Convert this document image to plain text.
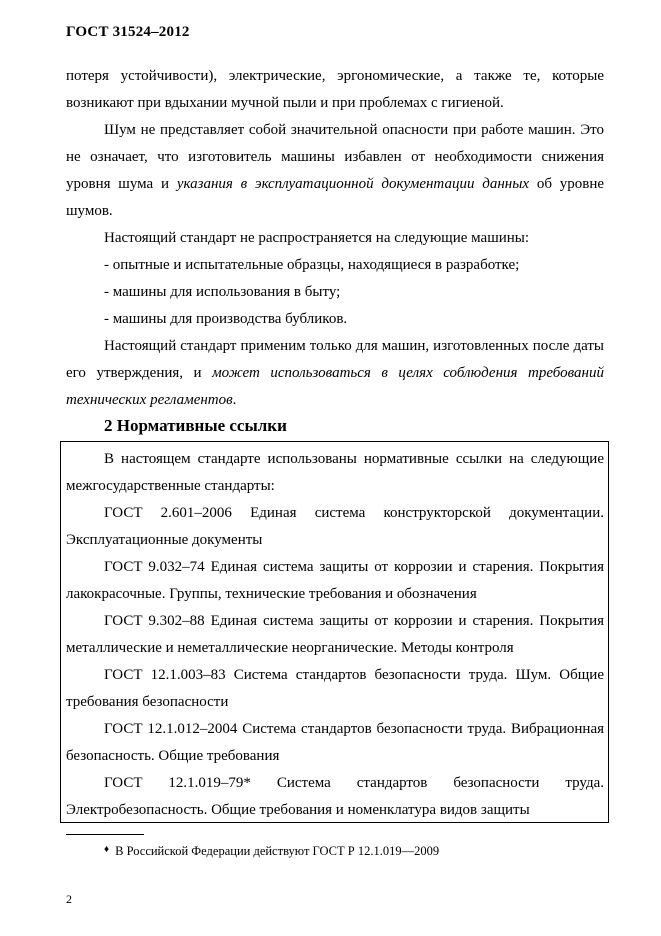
ГОСТ 31524–2012

потеря устойчивости), электрические, эргономические, а также те, которые возникают при вдыхании мучной пыли и при проблемах с гигиеной.

Шум не представляет собой значительной опасности при работе машин. Это не означает, что изготовитель машины избавлен от необходимости снижения уровня шума и указания в эксплуатационной документации данных об уровне шумов.

Настоящий стандарт не распространяется на следующие машины:

- опытные и испытательные образцы, находящиеся в разработке;

- машины для использования в быту;

- машины для производства бубликов.

Настоящий стандарт применим только для машин, изготовленных после даты его утверждения, и может использоваться в целях соблюдения требований технических регламентов.

2 Нормативные ссылки

В настоящем стандарте использованы нормативные ссылки на следующие межгосударственные стандарты:

ГОСТ 2.601–2006 Единая система конструкторской документации. Эксплуатационные документы

ГОСТ 9.032–74 Единая система защиты от коррозии и старения. Покрытия лакокрасочные. Группы, технические требования и обозначения

ГОСТ 9.302–88 Единая система защиты от коррозии и старения. Покрытия металлические и неметаллические неорганические. Методы контроля

ГОСТ 12.1.003–83 Система стандартов безопасности труда. Шум. Общие требования безопасности

ГОСТ 12.1.012–2004 Система стандартов безопасности труда. Вибрационная безопасность. Общие требования

ГОСТ 12.1.019–79* Система стандартов безопасности труда. Электробезопасность. Общие требования и номенклатура видов защиты

♦ В Российской Федерации действуют ГОСТ Р 12.1.019—2009
2
